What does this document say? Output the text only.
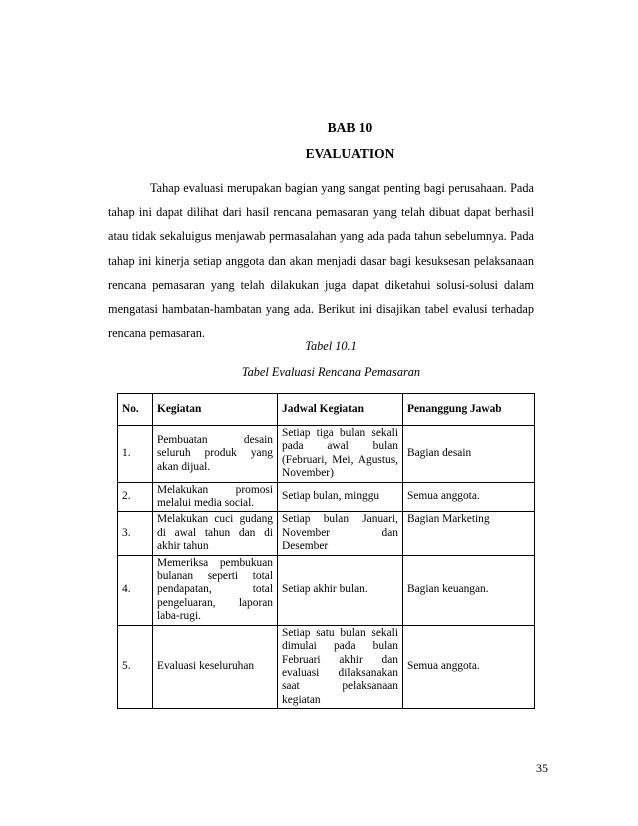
BAB 10
EVALUATION
Tahap evaluasi merupakan bagian yang sangat penting bagi perusahaan. Pada tahap ini dapat dilihat dari hasil rencana pemasaran yang telah dibuat dapat berhasil atau tidak sekaluigus menjawab permasalahan yang ada pada tahun sebelumnya. Pada tahap ini kinerja setiap anggota dan akan menjadi dasar bagi kesuksesan pelaksanaan rencana pemasaran yang telah dilakukan juga dapat diketahui solusi-solusi dalam mengatasi hambatan-hambatan yang ada. Berikut ini disajikan tabel evalusi terhadap rencana pemasaran.
Tabel 10.1
Tabel Evaluasi Rencana Pemasaran
No.	Kegiatan	Jadwal Kegiatan	Penanggung Jawab
1.	Pembuatan desain seluruh produk yang akan dijual.	Setiap tiga bulan sekali pada awal bulan (Februari, Mei, Agustus, November)	Bagian desain
2.	Melakukan promosi melalui media social.	Setiap bulan, minggu	Semua anggota.
3.	Melakukan cuci gudang di awal tahun dan di akhir tahun	Setiap bulan Januari, November dan Desember	Bagian Marketing
4.	Memeriksa pembukuan bulanan seperti total pendapatan, total pengeluaran, laporan laba-rugi.	Setiap akhir bulan.	Bagian keuangan.
5.	Evaluasi keseluruhan	Setiap satu bulan sekali dimulai pada bulan Februari akhir dan evaluasi dilaksanakan saat pelaksanaan kegiatan	Semua anggota.
35
